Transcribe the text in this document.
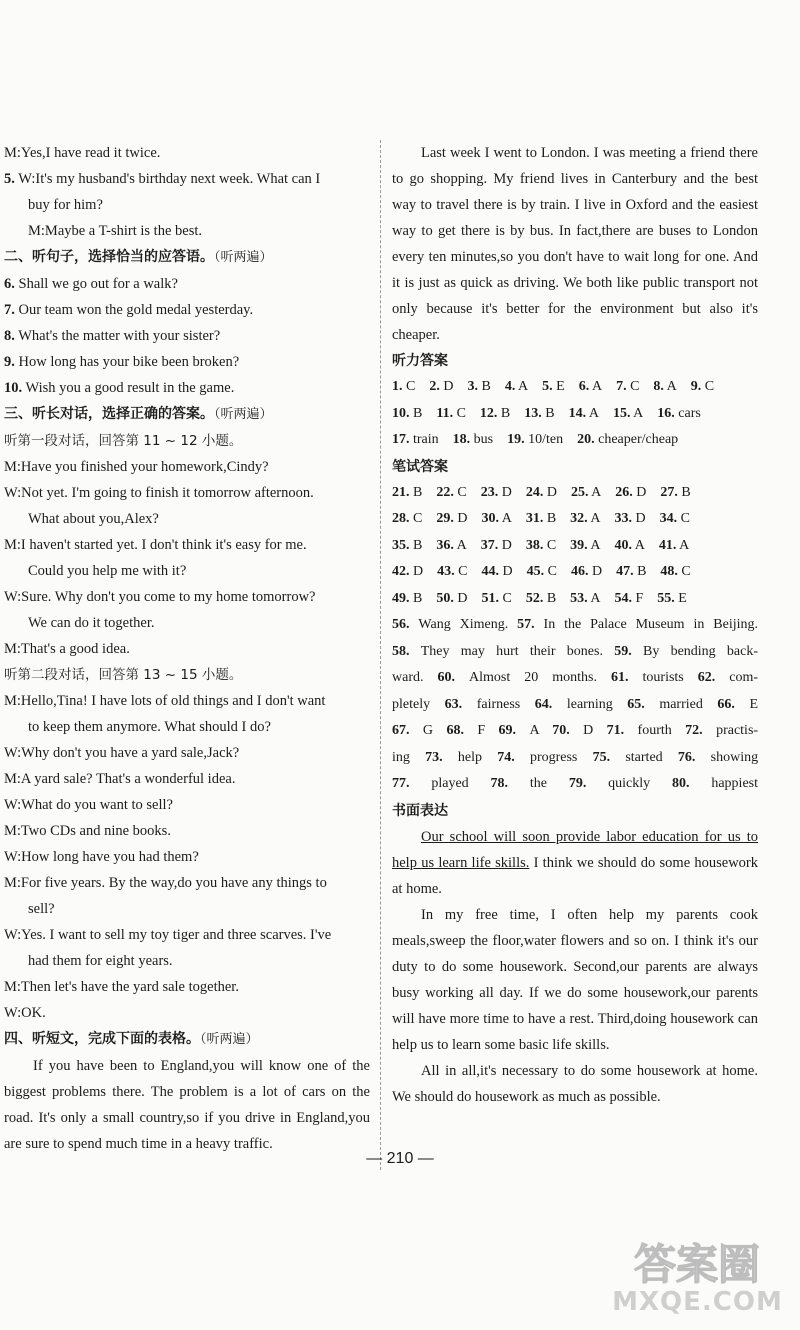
M:Yes,I have read it twice.
5. W:It's my husband's birthday next week. What can I
buy for him?
M:Maybe a T-shirt is the best.
二、听句子，选择恰当的应答语。（听两遍）
6. Shall we go out for a walk?
7. Our team won the gold medal yesterday.
8. What's the matter with your sister?
9. How long has your bike been broken?
10. Wish you a good result in the game.
三、听长对话，选择正确的答案。（听两遍）
听第一段对话，回答第 11 ~ 12 小题。
M:Have you finished your homework,Cindy?
W:Not yet. I'm going to finish it tomorrow afternoon.
What about you,Alex?
M:I haven't started yet. I don't think it's easy for me.
Could you help me with it?
W:Sure. Why don't you come to my home tomorrow?
We can do it together.
M:That's a good idea.
听第二段对话，回答第 13 ~ 15 小题。
M:Hello,Tina! I have lots of old things and I don't want
to keep them anymore. What should I do?
W:Why don't you have a yard sale,Jack?
M:A yard sale? That's a wonderful idea.
W:What do you want to sell?
M:Two CDs and nine books.
W:How long have you had them?
M:For five years. By the way,do you have any things to
sell?
W:Yes. I want to sell my toy tiger and three scarves. I've
had them for eight years.
M:Then let's have the yard sale together.
W:OK.
四、听短文，完成下面的表格。（听两遍）
If you have been to England,you will know one of the biggest problems there. The problem is a lot of cars on the road. It's only a small country,so if you drive in England,you are sure to spend much time in a heavy traffic.
Last week I went to London. I was meeting a friend there to go shopping. My friend lives in Canterbury and the best way to travel there is by train. I live in Oxford and the easiest way to get there is by bus. In fact,there are buses to London every ten minutes,so you don't have to wait long for one. And it is just as quick as driving. We both like public transport not only because it's better for the environment but also it's cheaper.
听力答案
1. C 2. D 3. B 4. A 5. E 6. A 7. C 8. A 9. C
10. B 11. C 12. B 13. B 14. A 15. A 16. cars
17. train 18. bus 19. 10/ten 20. cheaper/cheap
笔试答案
21. B 22. C 23. D 24. D 25. A 26. D 27. B
28. C 29. D 30. A 31. B 32. A 33. D 34. C
35. B 36. A 37. D 38. C 39. A 40. A 41. A
42. D 43. C 44. D 45. C 46. D 47. B 48. C
49. B 50. D 51. C 52. B 53. A 54. F 55. E
56. Wang Ximeng. 57. In the Palace Museum in Beijing.
58. They may hurt their bones. 59. By bending back-
ward. 60. Almost 20 months. 61. tourists 62. com-
pletely 63. fairness 64. learning 65. married 66. E
67. G 68. F 69. A 70. D 71. fourth 72. practis-
ing 73. help 74. progress 75. started 76. showing
77. played 78. the 79. quickly 80. happiest
书面表达
Our school will soon provide labor education for us to help us learn life skills. I think we should do some housework at home.
In my free time, I often help my parents cook meals,sweep the floor,water flowers and so on. I think it's our duty to do some housework. Second,our parents are always busy working all day. If we do some housework,our parents will have more time to have a rest. Third,doing housework can help us to learn some basic life skills.
All in all,it's necessary to do some housework at home. We should do housework as much as possible.
— 210 —
答案圈
MXQE.COM
